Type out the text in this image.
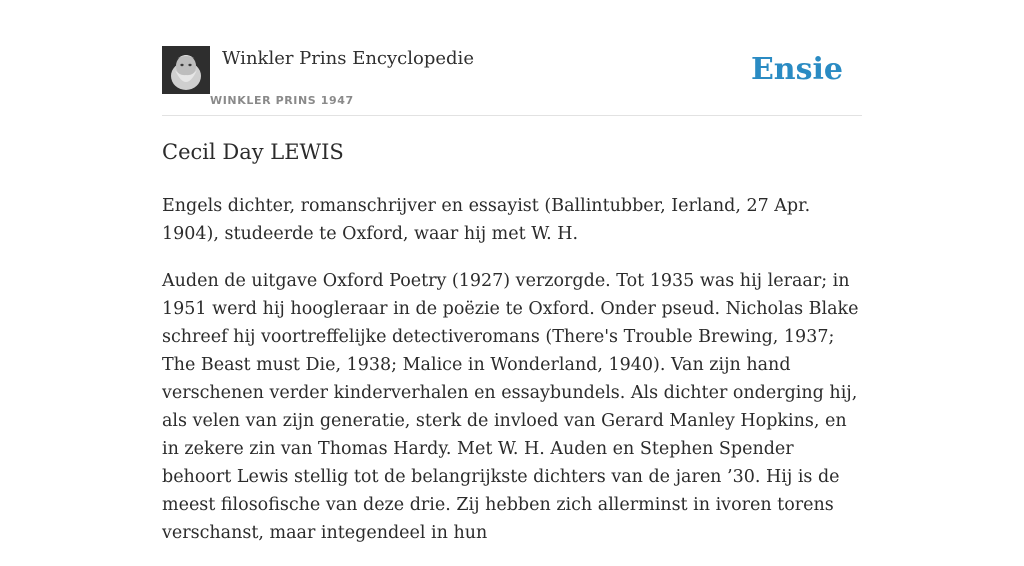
Winkler Prins Encyclopedie
WINKLER PRINS 1947
Ensie
Cecil Day LEWIS

Engels dichter, romanschrijver en essayist (Ballintubber, Ierland, 27 Apr. 1904), studeerde te Oxford, waar hij met W. H.

Auden de uitgave Oxford Poetry (1927) verzorgde. Tot 1935 was hij leraar; in 1951 werd hij hoogleraar in de poëzie te Oxford. Onder pseud. Nicholas Blake schreef hij voortreffelijke detectiveromans (There's Trouble Brewing, 1937; The Beast must Die, 1938; Malice in Wonderland, 1940). Van zijn hand verschenen verder kinderverhalen en essaybundels. Als dichter onderging hij, als velen van zijn generatie, sterk de invloed van Gerard Manley Hopkins, en in zekere zin van Thomas Hardy. Met W. H. Auden en Stephen Spender behoort Lewis stellig tot de belangrijkste dichters van de jaren ’30. Hij is de meest filosofische van deze drie. Zij hebben zich allerminst in ivoren torens verschanst, maar integendeel in hun
